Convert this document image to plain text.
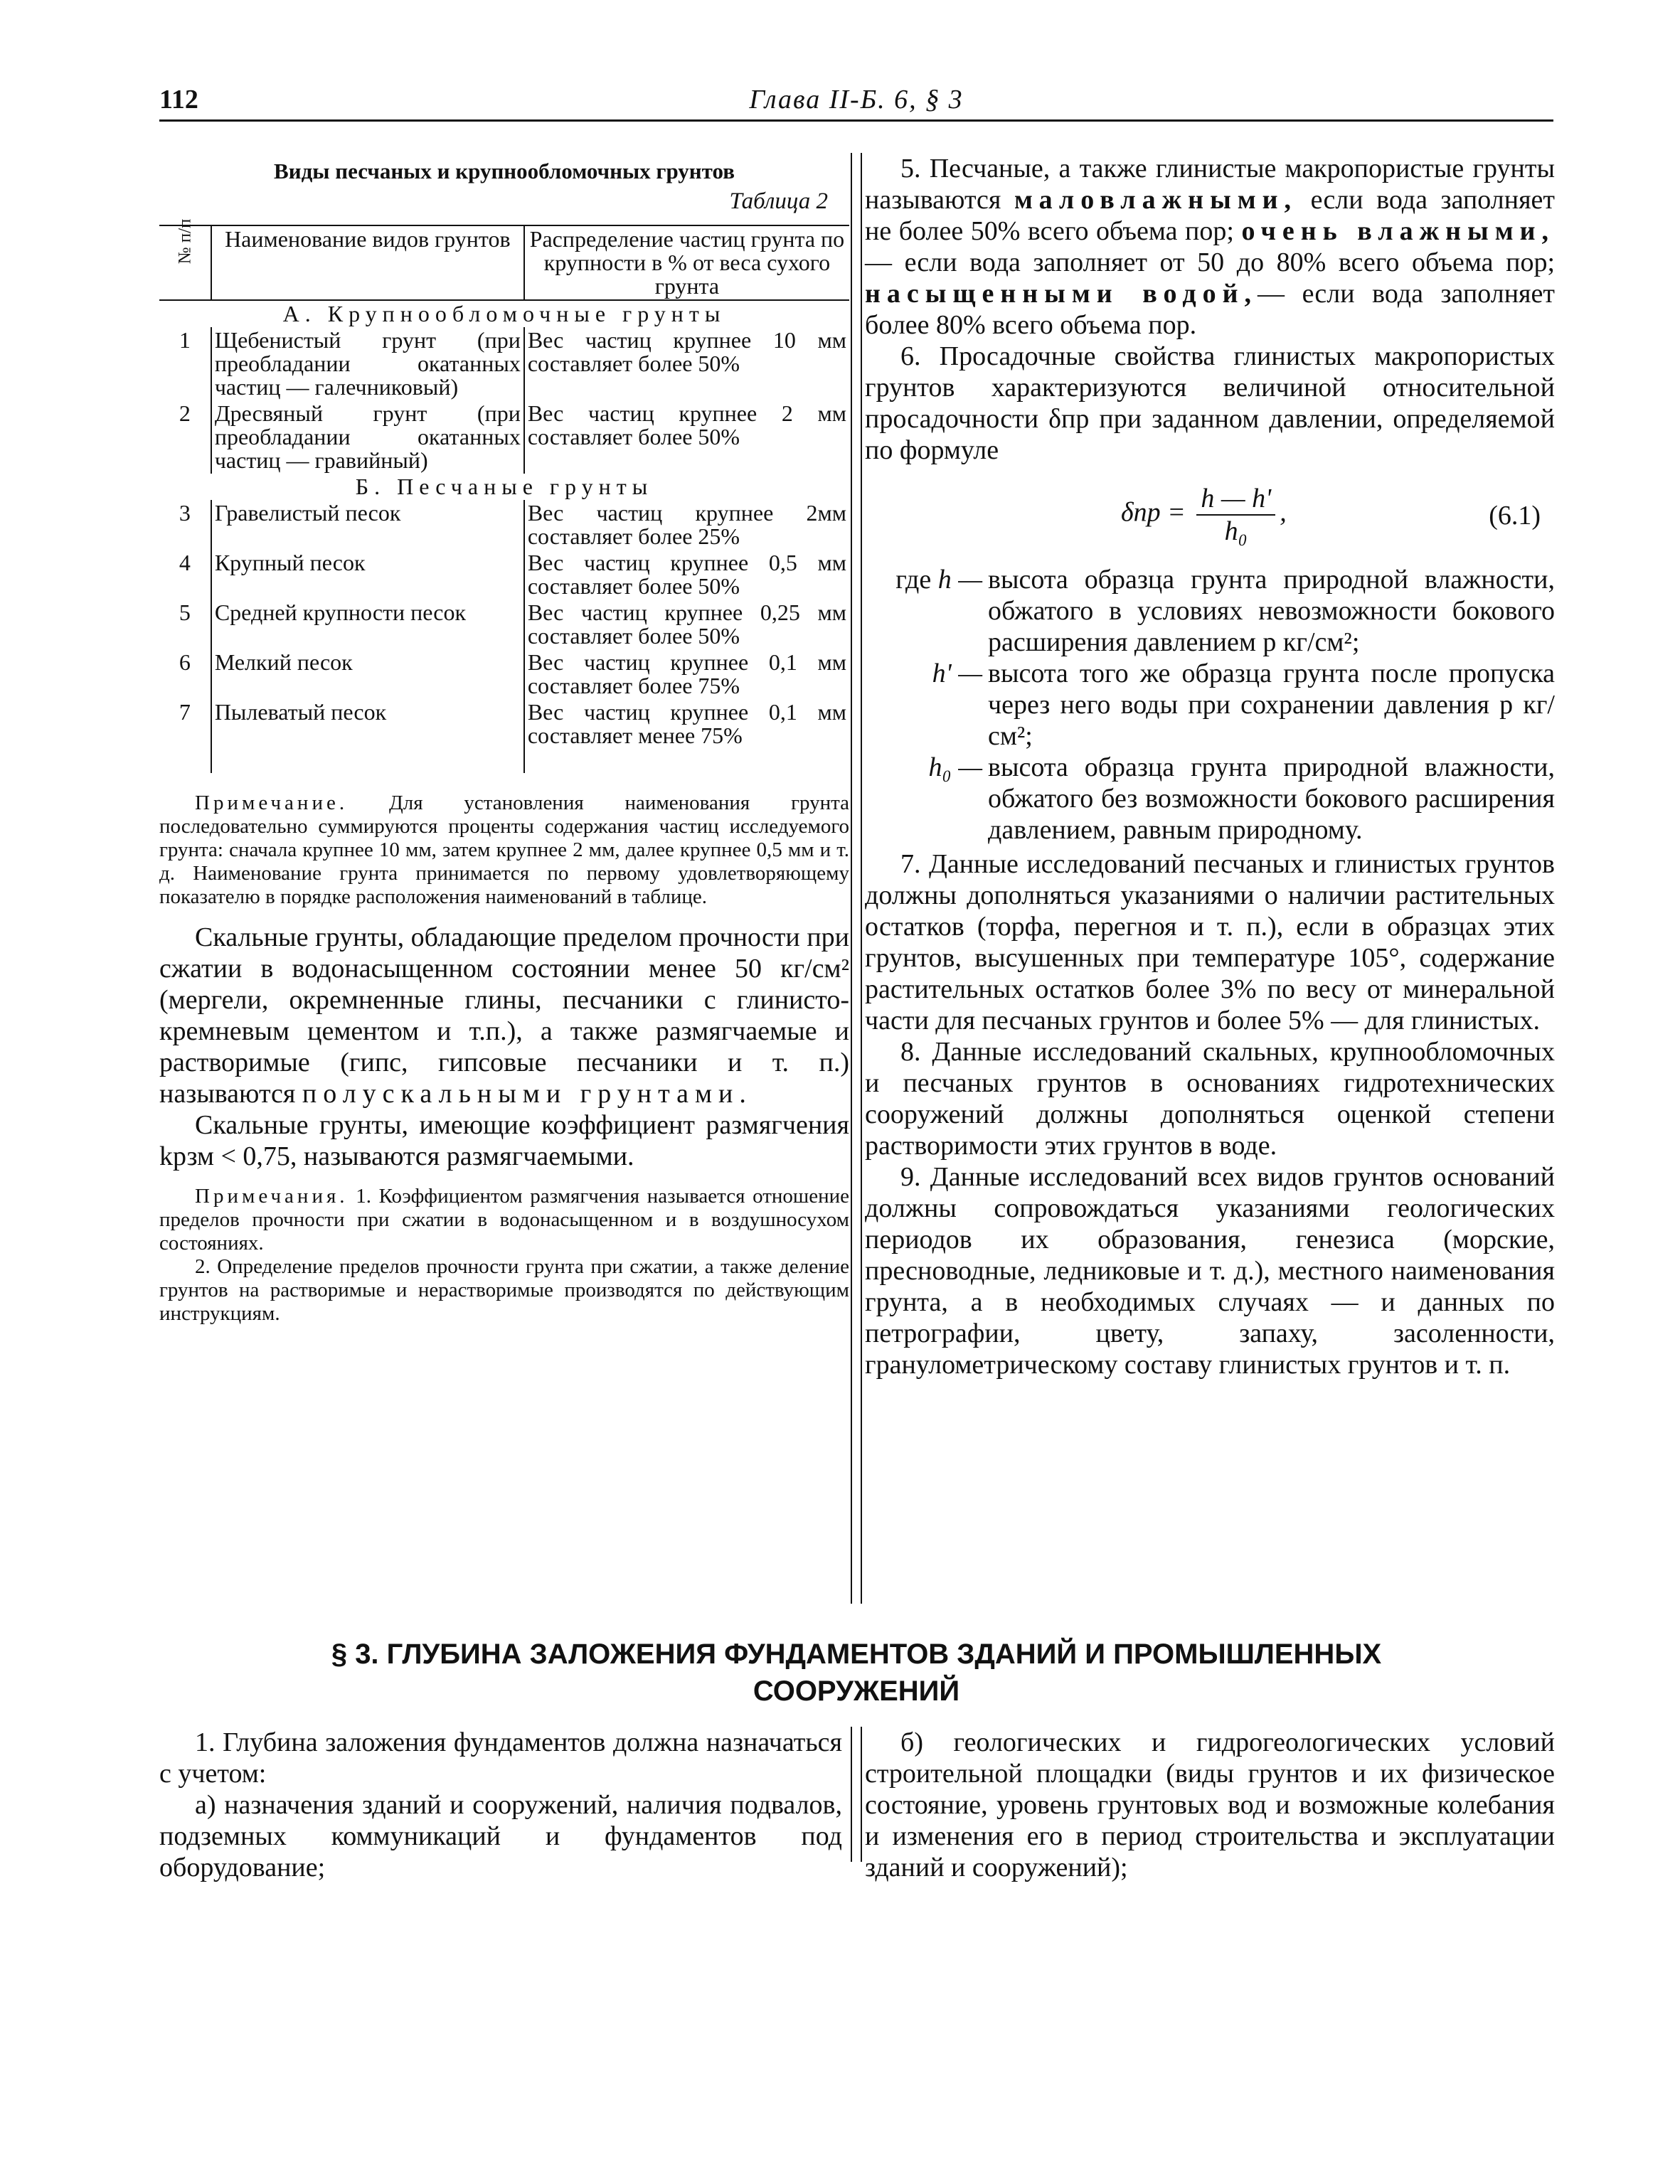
112	Глава II-Б. 6, § 3
Виды песчаных и крупнообломочных грунтов
Таблица 2
№ п/п	Наименование видов грунтов	Распределение частиц грунта по крупности в % от веса сухого грунта
А. Крупнообломочные грунты		
1	Щебенистый грунт (при преобладании окатанных частиц — галечниковый)	Вес частиц крупнее 10 мм составляет более 50%
2	Дресвяный грунт (при преобладании окатанных частиц — гравийный)	Вес частиц крупнее 2 мм составляет более 50%
Б. Песчаные грунты		
3	Гравелистый песок	Вес частиц крупнее 2мм составляет более 25%
4	Крупный песок	Вес частиц крупнее 0,5 мм составляет более 50%
5	Средней крупности песок	Вес частиц крупнее 0,25 мм составляет более 50%
6	Мелкий песок	Вес частиц крупнее 0,1 мм составляет более 75%
7	Пылеватый песок	Вес частиц крупнее 0,1 мм составляет менее 75%

Примечание. Для установления наименования грунта последовательно суммируются проценты содержания частиц исследуемого грунта: сначала крупнее 10 мм, затем крупнее 2 мм, далее крупнее 0,5 мм и т. д. Наименование грунта принимается по первому удовлетворяющему показателю в порядке расположения наименований в таблице.

Скальные грунты, обладающие пределом прочности при сжатии в водонасыщенном состоянии менее 50 кг/см² (мергели, окремненные глины, песчаники с глинисто-кремневым цементом и т.п.), а также размягчаемые и растворимые (гипс, гипсовые песчаники и т. п.) называются полускальными грунтами.

Скальные грунты, имеющие коэффициент размягчения kрзм < 0,75, называются размягчаемыми.

Примечания. 1. Коэффициентом размягчения называется отношение пределов прочности при сжатии в водонасыщенном и в воздушносухом состояниях.

2. Определение пределов прочности грунта при сжатии, а также деление грунтов на растворимые и нерастворимые производятся по действующим инструкциям.

5. Песчаные, а также глинистые макропористые грунты называются маловлажными, если вода заполняет не более 50% всего объема пор; очень влажными,— если вода заполняет от 50 до 80% всего объема пор; насыщенными водой,— если вода заполняет более 80% всего объема пор.

6. Просадочные свойства глинистых макропористых грунтов характеризуются величиной относительной просадочности δпр при заданном давлении, определяемой по формуле

$\delta пр = \frac{h — h'}{\text{h₀}}$ ,	(6.1)
где h — высота образца грунта природной влажности, обжатого в условиях невозможности бокового расширения давлением p кг/см²;
h' — высота того же образца грунта после пропуска через него воды при сохранении давления p кг/см²;
h₀ — высота образца грунта природной влажности, обжатого без возможности бокового расширения давлением, равным природному.

7. Данные исследований песчаных и глинистых грунтов должны дополняться указаниями о наличии растительных остатков (торфа, перегноя и т. п.), если в образцах этих грунтов, высушенных при температуре 105°, содержание растительных остатков более 3% по весу от минеральной части для песчаных грунтов и более 5% — для глинистых.

8. Данные исследований скальных, крупнообломочных и песчаных грунтов в основаниях гидротехнических сооружений должны дополняться оценкой степени растворимости этих грунтов в воде.

9. Данные исследований всех видов грунтов оснований должны сопровождаться указаниями геологических периодов их образования, генезиса (морские, пресноводные, ледниковые и т. д.), местного наименования грунта, а в необходимых случаях — и данных по петрографии, цвету, запаху, засоленности, гранулометрическому составу глинистых грунтов и т. п.

§ 3. ГЛУБИНА ЗАЛОЖЕНИЯ ФУНДАМЕНТОВ ЗДАНИЙ И ПРОМЫШЛЕННЫХ
СООРУЖЕНИЙ

1. Глубина заложения фундаментов должна назначаться с учетом:

а) назначения зданий и сооружений, наличия подвалов, подземных коммуникаций и фундаментов под оборудование;

б) геологических и гидрогеологических условий строительной площадки (виды грунтов и их физическое состояние, уровень грунтовых вод и возможные колебания и изменения его в период строительства и эксплуатации зданий и сооружений);
